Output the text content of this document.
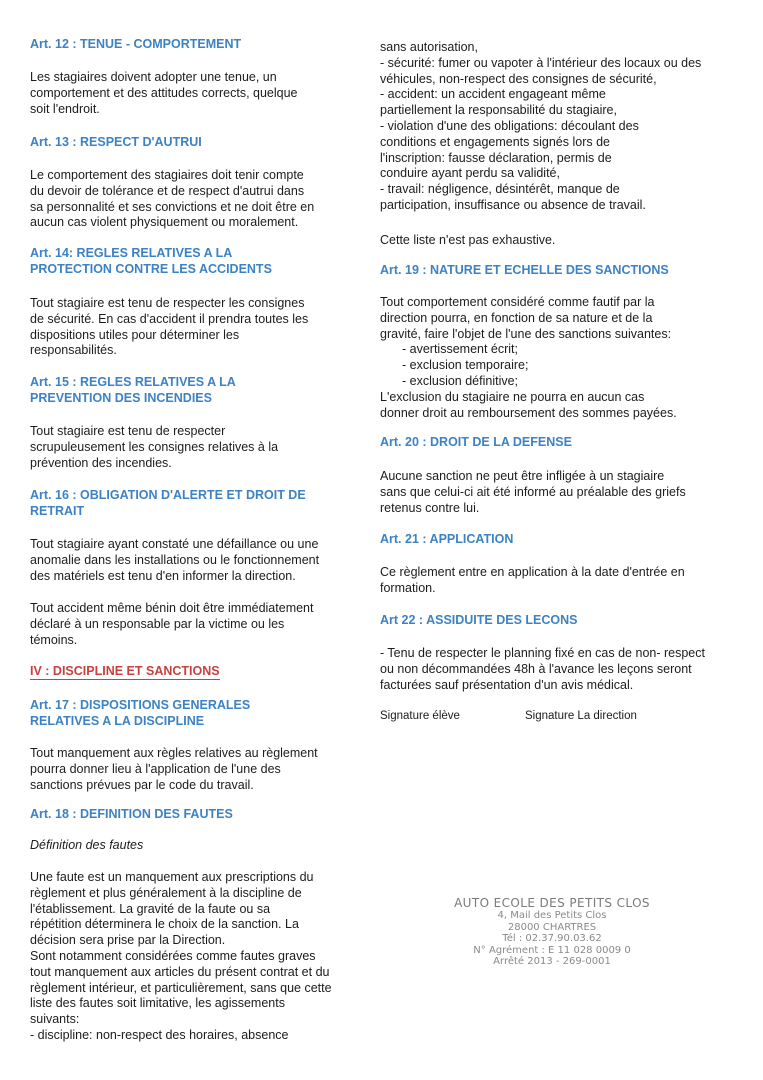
Art. 12 : TENUE - COMPORTEMENT
Les stagiaires doivent adopter une tenue, un
comportement et des attitudes corrects, quelque
soit l'endroit.
Art. 13 : RESPECT D'AUTRUI
Le comportement des stagiaires doit tenir compte
du devoir de tolérance et de respect d'autrui dans
sa personnalité et ses convictions et ne doit être en
aucun cas violent physiquement ou moralement.
Art. 14: REGLES RELATIVES A LA
PROTECTION CONTRE LES ACCIDENTS
Tout stagiaire est tenu de respecter les consignes
de sécurité. En cas d'accident il prendra toutes les
dispositions utiles pour déterminer les
responsabilités.
Art. 15 : REGLES RELATIVES A LA
PREVENTION DES INCENDIES
Tout stagiaire est tenu de respecter
scrupuleusement les consignes relatives à la
prévention des incendies.
Art. 16 : OBLIGATION D'ALERTE ET DROIT DE
RETRAIT
Tout stagiaire ayant constaté une défaillance ou une
anomalie dans les installations ou le fonctionnement
des matériels est tenu d'en informer la direction.
Tout accident même bénin doit être immédiatement
déclaré à un responsable par la victime ou les
témoins.
IV : DISCIPLINE ET SANCTIONS
Art. 17 : DISPOSITIONS GENERALES
RELATIVES A LA DISCIPLINE
Tout manquement aux règles relatives au règlement
pourra donner lieu à l'application de l'une des
sanctions prévues par le code du travail.
Art. 18 : DEFINITION DES FAUTES
Définition des fautes
Une faute est un manquement aux prescriptions du
règlement et plus généralement à la discipline de
l'établissement. La gravité de la faute ou sa
répétition déterminera le choix de la sanction. La
décision sera prise par la Direction.
Sont notamment considérées comme fautes graves
tout manquement aux articles du présent contrat et du
règlement intérieur, et particulièrement, sans que cette
liste des fautes soit limitative, les agissements
suivants:
- discipline: non-respect des horaires, absence
sans autorisation,
- sécurité: fumer ou vapoter à l'intérieur des locaux ou des
véhicules, non-respect des consignes de sécurité,
- accident: un accident engageant même
partiellement la responsabilité du stagiaire,
- violation d'une des obligations: découlant des
conditions et engagements signés lors de
l'inscription: fausse déclaration, permis de
conduire ayant perdu sa validité,
- travail: négligence, désintérêt, manque de
participation, insuffisance ou absence de travail.
Cette liste n'est pas exhaustive.
Art. 19 : NATURE ET ECHELLE DES SANCTIONS
Tout comportement considéré comme fautif par la
direction pourra, en fonction de sa nature et de la
gravité, faire l'objet de l'une des sanctions suivantes:
- avertissement écrit;
- exclusion temporaire;
- exclusion définitive;
L'exclusion du stagiaire ne pourra en aucun cas
donner droit au remboursement des sommes payées.
Art. 20 : DROIT DE LA DEFENSE
Aucune sanction ne peut être infligée à un stagiaire
sans que celui-ci ait été informé au préalable des griefs
retenus contre lui.
Art. 21 : APPLICATION
Ce règlement entre en application à la date d'entrée en
formation.
Art 22 : ASSIDUITE DES LECONS
- Tenu de respecter le planning fixé en cas de non- respect
ou non décommandées 48h à l'avance les leçons seront
facturées sauf présentation d'un avis médical.
Signature élève	Signature La direction
AUTO ECOLE DES PETITS CLOS
4, Mail des Petits Clos
28000 CHARTRES
Tél : 02.37.90.03.62
N° Agrément : E 11 028 0009 0
Arrêté 2013 - 269-0001
